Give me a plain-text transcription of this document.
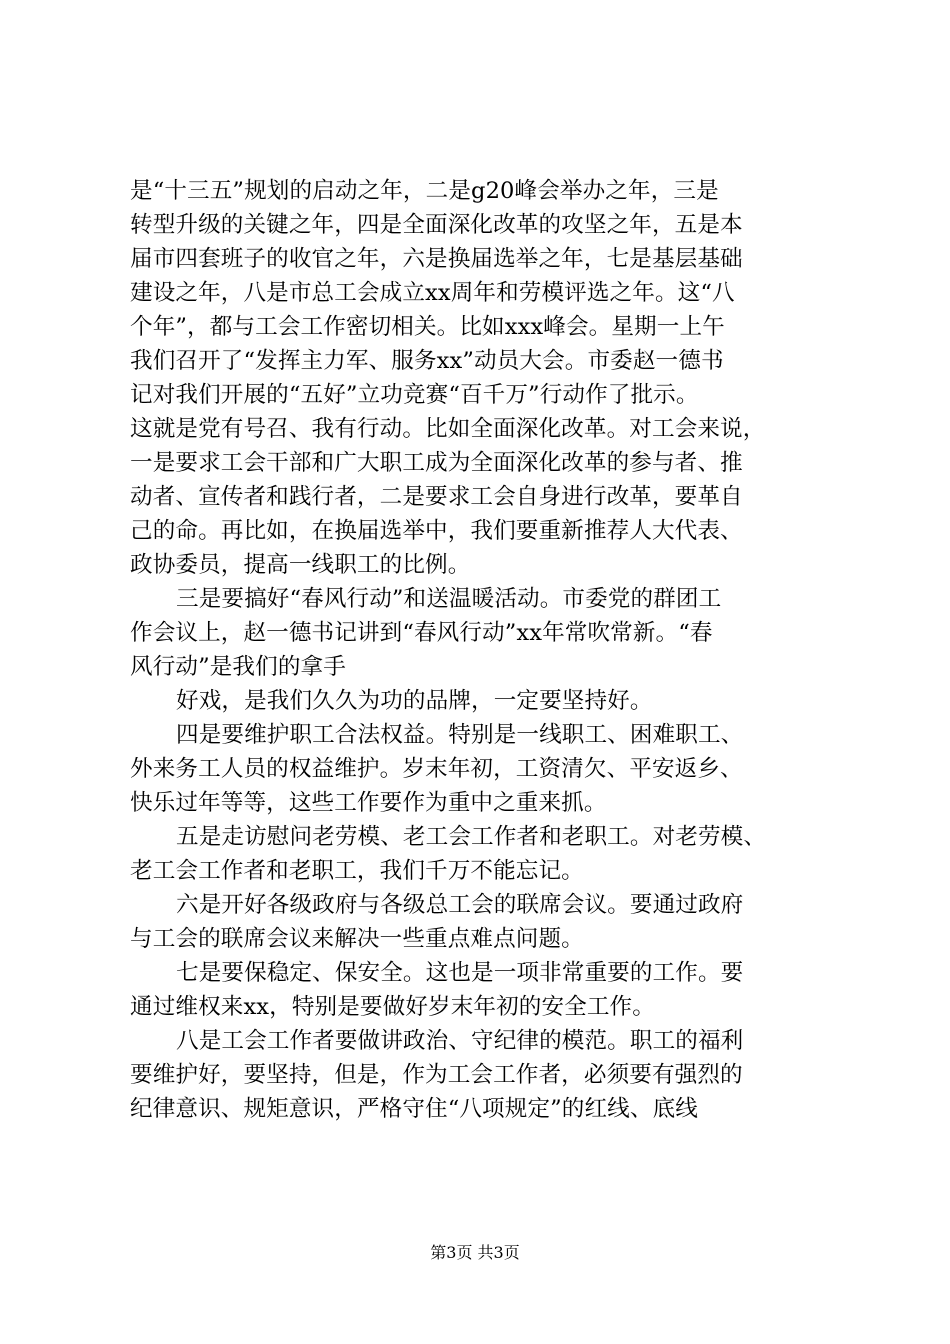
是“十三五”规划的启动之年，二是g20峰会举办之年，三是
转型升级的关键之年，四是全面深化改革的攻坚之年，五是本
届市四套班子的收官之年，六是换届选举之年，七是基层基础
建设之年，八是市总工会成立xx周年和劳模评选之年。这“八
个年”，都与工会工作密切相关。比如xxx峰会。星期一上午
我们召开了“发挥主力军、服务xx”动员大会。市委赵一德书
记对我们开展的“五好”立功竞赛“百千万”行动作了批示。
这就是党有号召、我有行动。比如全面深化改革。对工会来说，
一是要求工会干部和广大职工成为全面深化改革的参与者、推
动者、宣传者和践行者，二是要求工会自身进行改革，要革自
己的命。再比如，在换届选举中，我们要重新推荐人大代表、
政协委员，提高一线职工的比例。
三是要搞好“春风行动”和送温暖活动。市委党的群团工
作会议上，赵一德书记讲到“春风行动”xx年常吹常新。“春
风行动”是我们的拿手
好戏，是我们久久为功的品牌，一定要坚持好。
四是要维护职工合法权益。特别是一线职工、困难职工、
外来务工人员的权益维护。岁末年初，工资清欠、平安返乡、
快乐过年等等，这些工作要作为重中之重来抓。
五是走访慰问老劳模、老工会工作者和老职工。对老劳模、
老工会工作者和老职工，我们千万不能忘记。
六是开好各级政府与各级总工会的联席会议。要通过政府
与工会的联席会议来解决一些重点难点问题。
七是要保稳定、保安全。这也是一项非常重要的工作。要
通过维权来xx，特别是要做好岁末年初的安全工作。
八是工会工作者要做讲政治、守纪律的模范。职工的福利
要维护好，要坚持，但是，作为工会工作者，必须要有强烈的
纪律意识、规矩意识，严格守住“八项规定”的红线、底线
第3页 共3页
